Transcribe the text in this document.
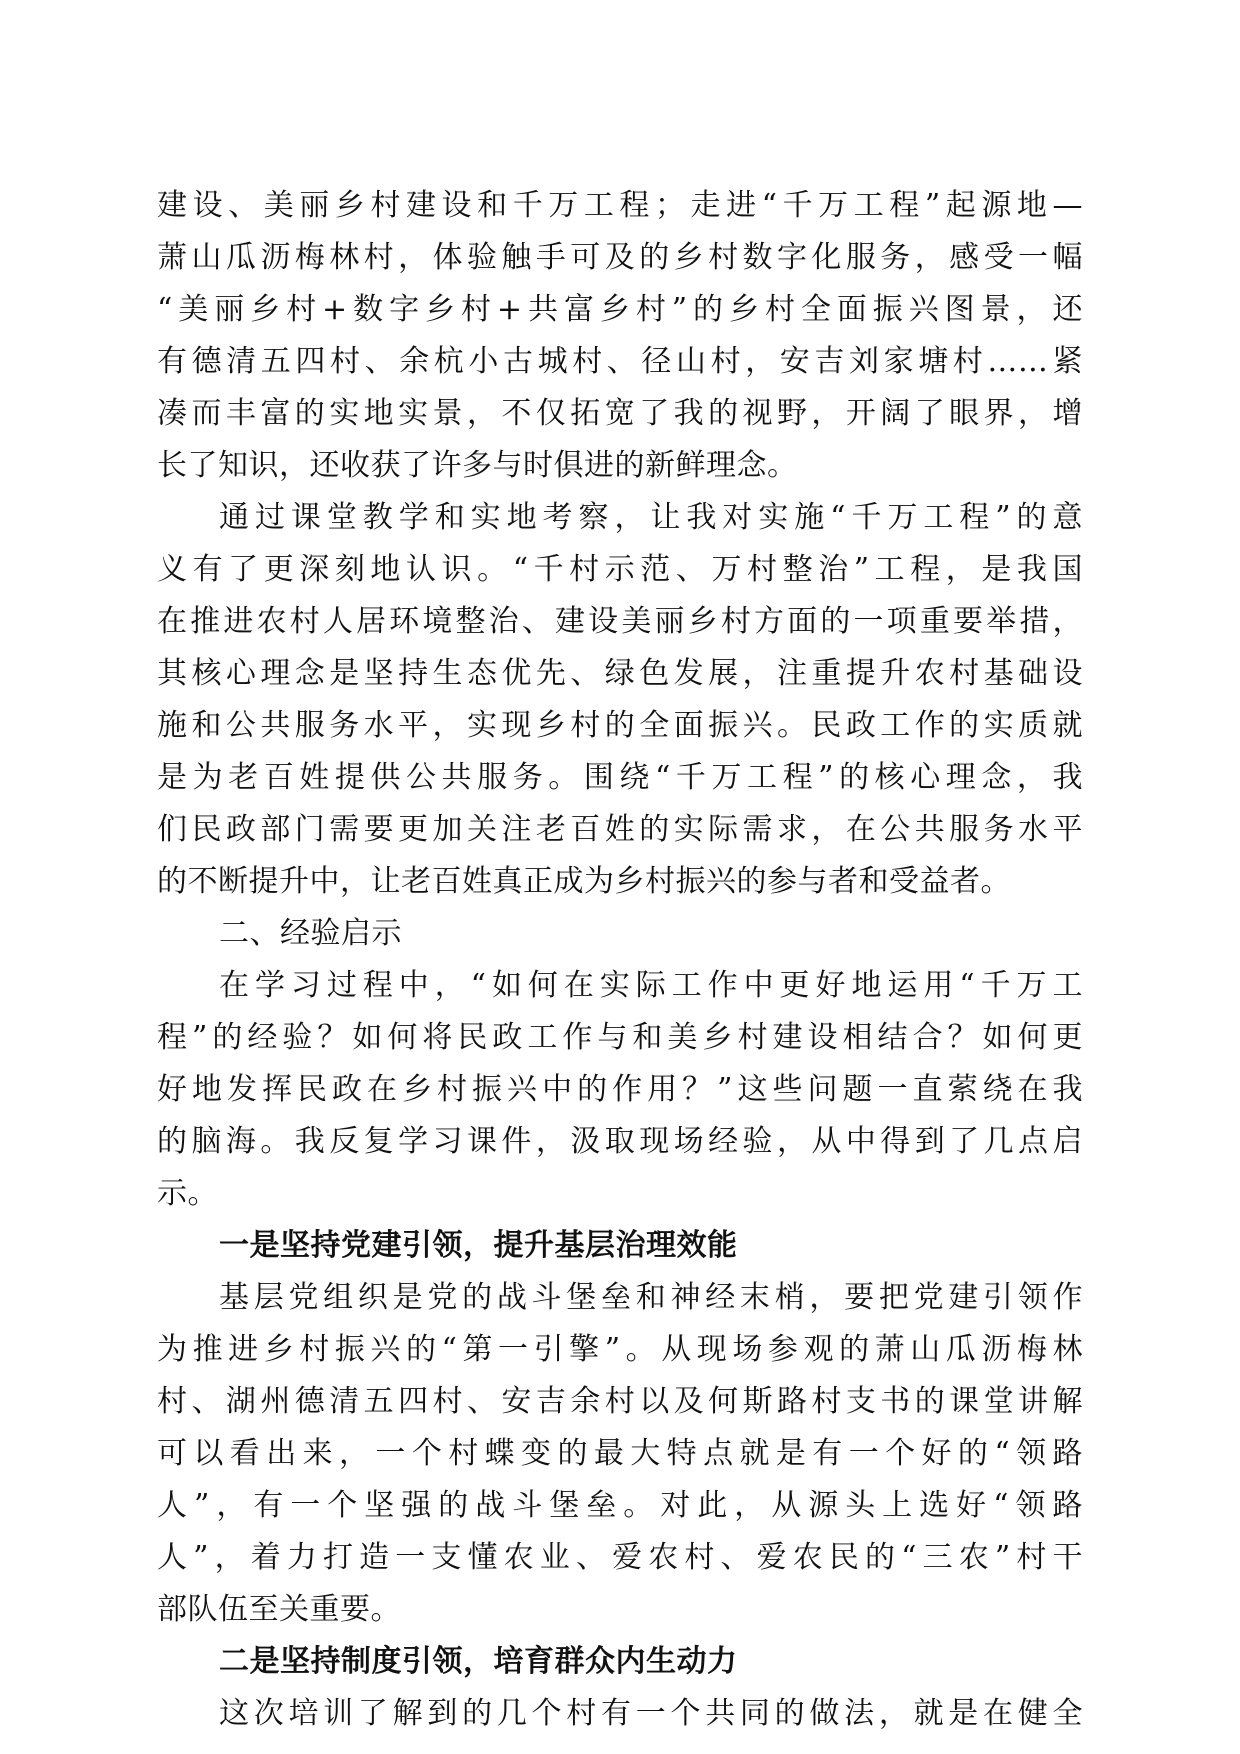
建设、美丽乡村建设和千万工程；走进“千万工程”起源地—
萧山瓜沥梅林村，体验触手可及的乡村数字化服务，感受一幅
“美丽乡村+数字乡村+共富乡村”的乡村全面振兴图景，还
有德清五四村、余杭小古城村、径山村，安吉刘家塘村……紧
凑而丰富的实地实景，不仅拓宽了我的视野，开阔了眼界，增
长了知识，还收获了许多与时俱进的新鲜理念。
通过课堂教学和实地考察，让我对实施“千万工程”的意
义有了更深刻地认识。“千村示范、万村整治”工程，是我国
在推进农村人居环境整治、建设美丽乡村方面的一项重要举措，
其核心理念是坚持生态优先、绿色发展，注重提升农村基础设
施和公共服务水平，实现乡村的全面振兴。民政工作的实质就
是为老百姓提供公共服务。围绕“千万工程”的核心理念，我
们民政部门需要更加关注老百姓的实际需求，在公共服务水平
的不断提升中，让老百姓真正成为乡村振兴的参与者和受益者。
二、经验启示
在学习过程中，“如何在实际工作中更好地运用“千万工
程”的经验？如何将民政工作与和美乡村建设相结合？如何更
好地发挥民政在乡村振兴中的作用？”这些问题一直萦绕在我
的脑海。我反复学习课件，汲取现场经验，从中得到了几点启
示。
一是坚持党建引领，提升基层治理效能
基层党组织是党的战斗堡垒和神经末梢，要把党建引领作
为推进乡村振兴的“第一引擎”。从现场参观的萧山瓜沥梅林
村、湖州德清五四村、安吉余村以及何斯路村支书的课堂讲解
可以看出来，一个村蝶变的最大特点就是有一个好的“领路
人”，有一个坚强的战斗堡垒。对此，从源头上选好“领路
人”，着力打造一支懂农业、爱农村、爱农民的“三农”村干
部队伍至关重要。
二是坚持制度引领，培育群众内生动力
这次培训了解到的几个村有一个共同的做法，就是在健全
